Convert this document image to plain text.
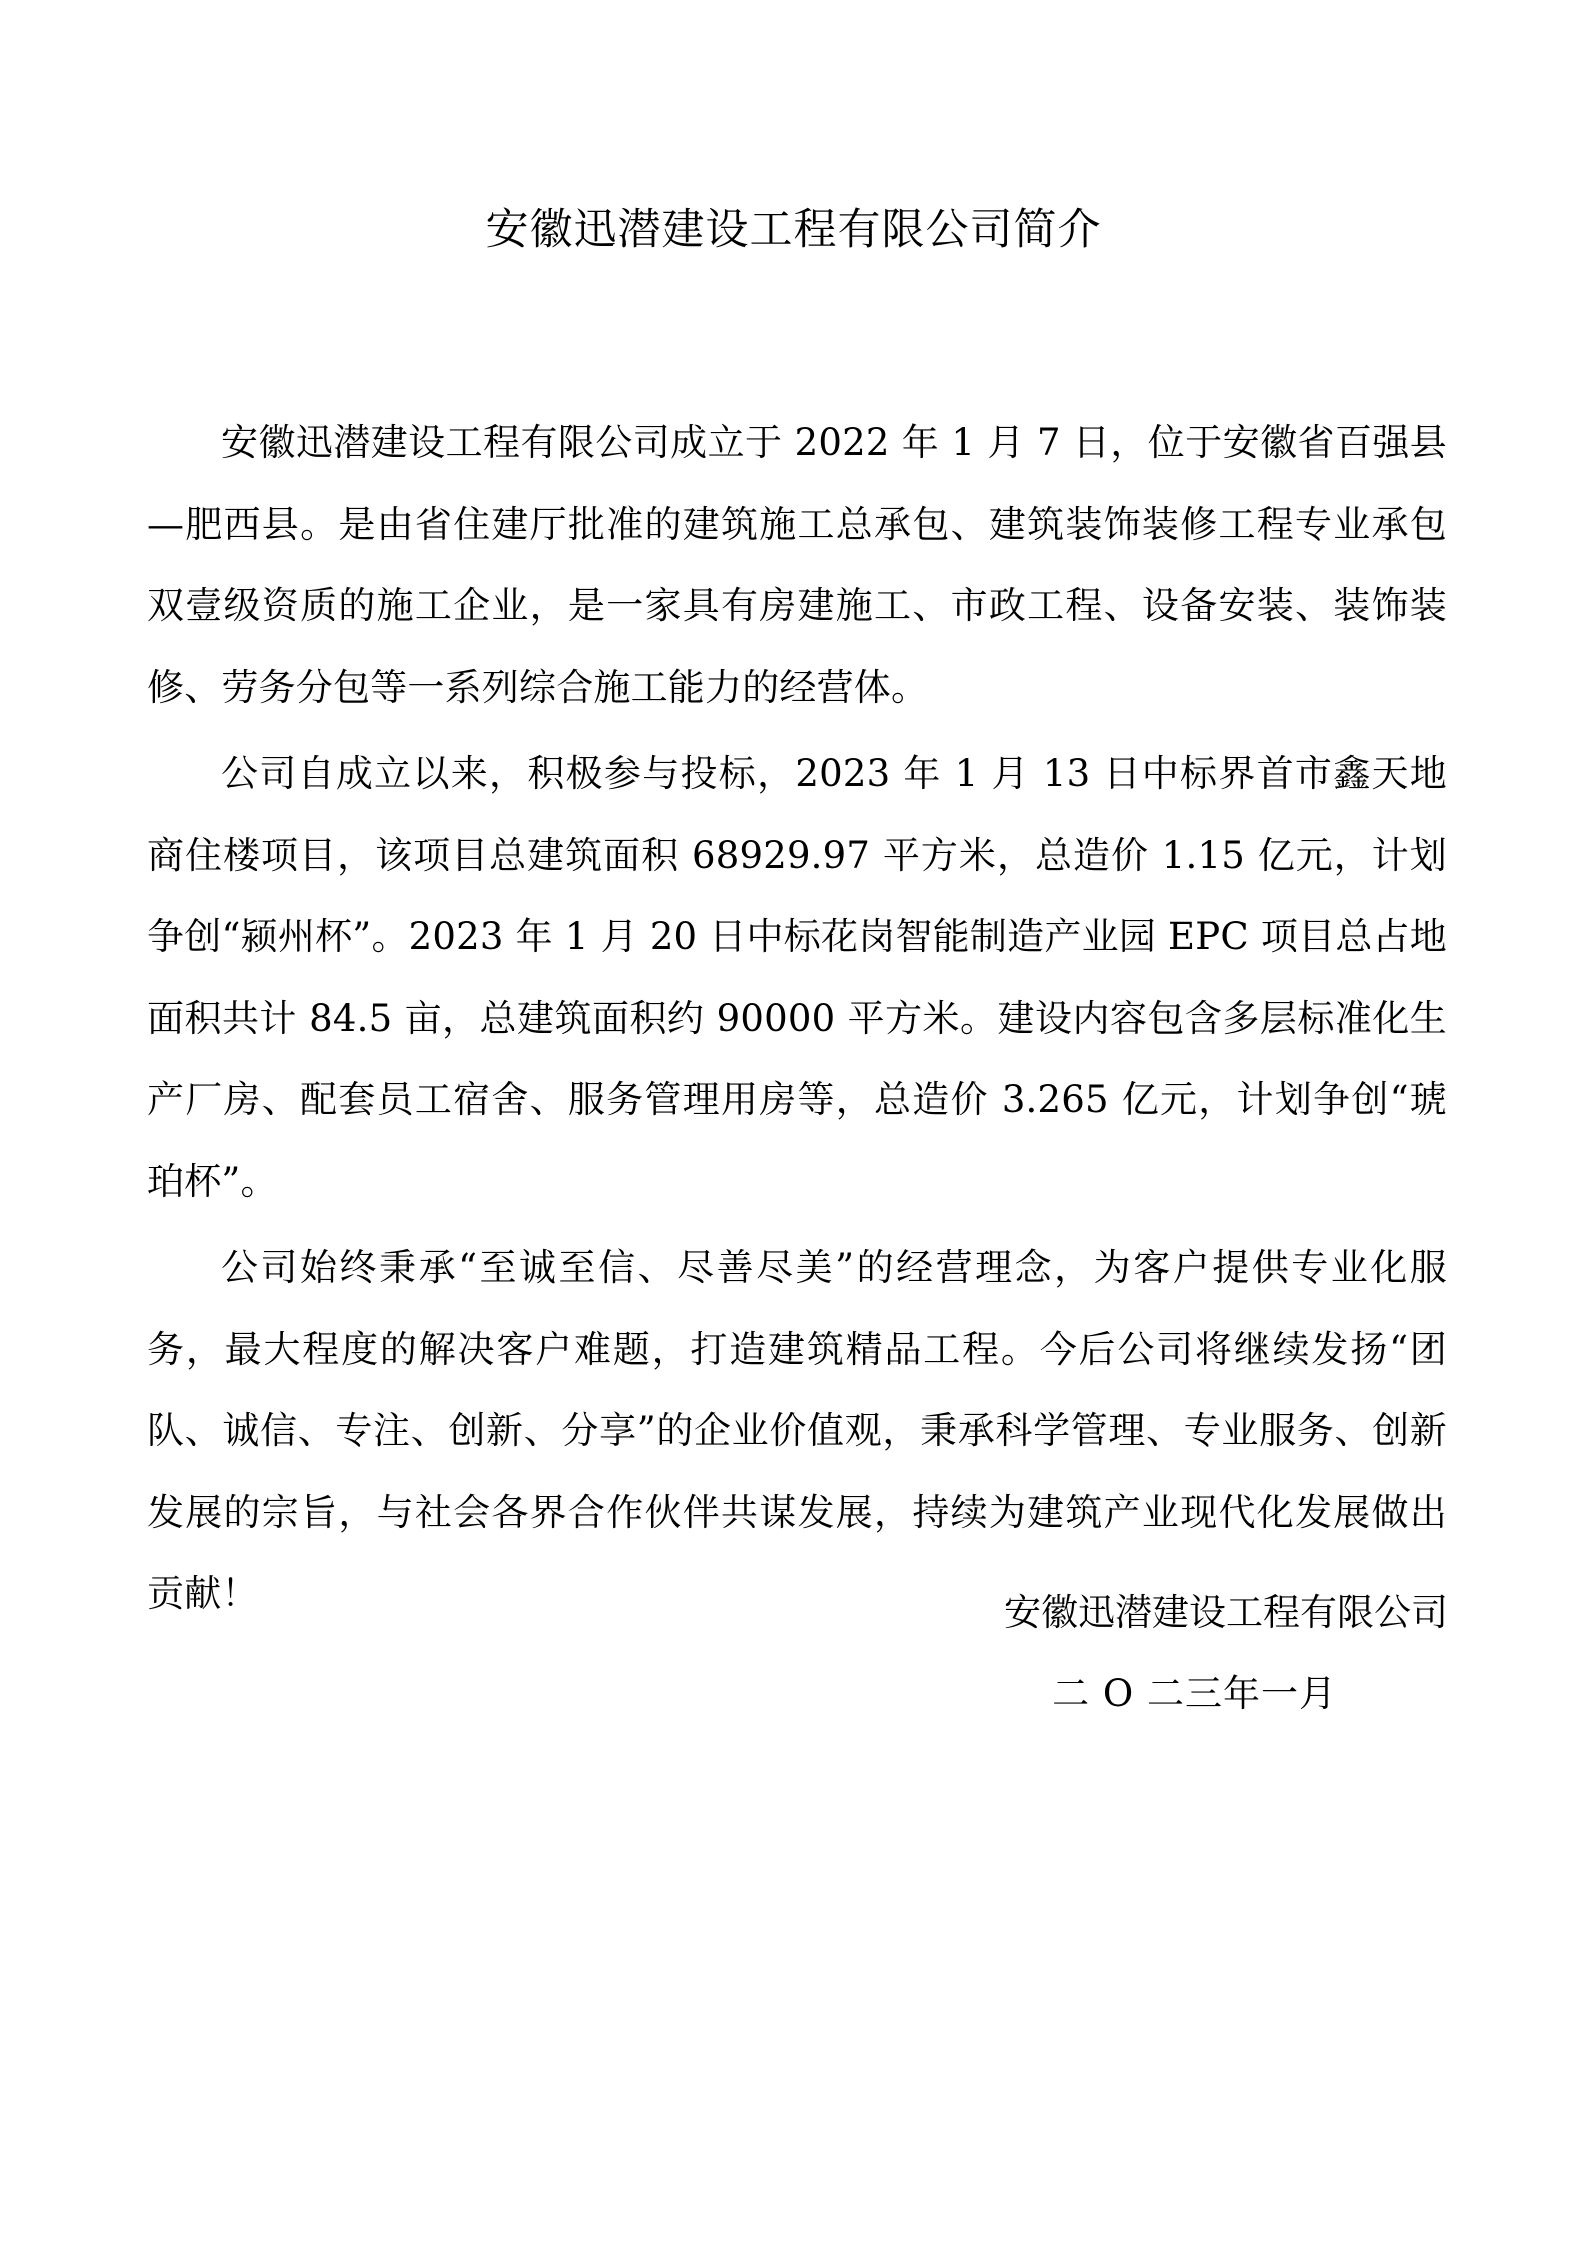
安徽迅潜建设工程有限公司简介

安徽迅潜建设工程有限公司成立于 2022 年 1 月 7 日，位于安徽省百强县—肥西县。是由省住建厅批准的建筑施工总承包、建筑装饰装修工程专业承包双壹级资质的施工企业，是一家具有房建施工、市政工程、设备安装、装饰装修、劳务分包等一系列综合施工能力的经营体。

公司自成立以来，积极参与投标，2023 年 1 月 13 日中标界首市鑫天地商住楼项目，该项目总建筑面积 68929.97 平方米，总造价 1.15 亿元，计划争创“颍州杯”。2023 年 1 月 20 日中标花岗智能制造产业园 EPC 项目总占地面积共计 84.5 亩，总建筑面积约 90000 平方米。建设内容包含多层标准化生产厂房、配套员工宿舍、服务管理用房等，总造价 3.265 亿元，计划争创“琥珀杯”。

公司始终秉承“至诚至信、尽善尽美”的经营理念，为客户提供专业化服务，最大程度的解决客户难题，打造建筑精品工程。今后公司将继续发扬“团队、诚信、专注、创新、分享”的企业价值观，秉承科学管理、专业服务、创新发展的宗旨，与社会各界合作伙伴共谋发展，持续为建筑产业现代化发展做出贡献！	安徽迅潜建设工程有限公司

二 O 二三年一月
